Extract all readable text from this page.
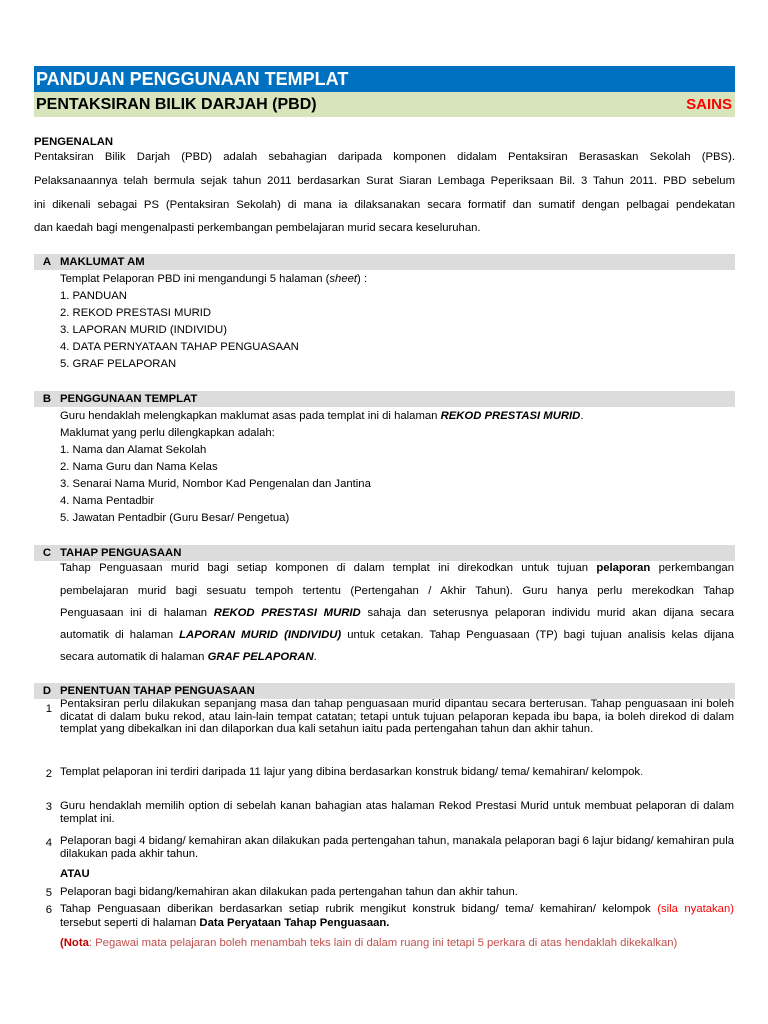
PANDUAN PENGGUNAAN TEMPLAT
PENTAKSIRAN BILIK DARJAH (PBD)	SAINS
PENGENALAN
Pentaksiran Bilik Darjah (PBD) adalah sebahagian daripada komponen didalam Pentaksiran Berasaskan Sekolah (PBS).
Pelaksanaannya telah bermula sejak tahun 2011 berdasarkan Surat Siaran Lembaga Peperiksaan Bil. 3 Tahun 2011. PBD sebelum
ini dikenali sebagai PS (Pentaksiran Sekolah) di mana ia dilaksanakan secara formatif dan sumatif dengan pelbagai pendekatan
dan kaedah bagi mengenalpasti perkembangan pembelajaran murid secara keseluruhan.
A MAKLUMAT AM
Templat Pelaporan PBD ini mengandungi 5 halaman (sheet) :
1. PANDUAN
2. REKOD PRESTASI MURID
3. LAPORAN MURID (INDIVIDU)
4. DATA PERNYATAAN TAHAP PENGUASAAN
5. GRAF PELAPORAN
B PENGGUNAAN TEMPLAT
Guru hendaklah melengkapkan maklumat asas pada templat ini di halaman REKOD PRESTASI MURID.
Maklumat yang perlu dilengkapkan adalah:
1. Nama dan Alamat Sekolah
2. Nama Guru dan Nama Kelas
3. Senarai Nama Murid, Nombor Kad Pengenalan dan Jantina
4. Nama Pentadbir
5. Jawatan Pentadbir (Guru Besar/ Pengetua)
C TAHAP PENGUASAAN
Tahap Penguasaan murid bagi setiap komponen di dalam templat ini direkodkan untuk tujuan pelaporan perkembangan
pembelajaran murid bagi sesuatu tempoh tertentu (Pertengahan / Akhir Tahun). Guru hanya perlu merekodkan Tahap
Penguasaan ini di halaman REKOD PRESTASI MURID sahaja dan seterusnya pelaporan individu murid akan dijana secara
automatik di halaman LAPORAN MURID (INDIVIDU) untuk cetakan. Tahap Penguasaan (TP) bagi tujuan analisis kelas dijana
secara automatik di halaman GRAF PELAPORAN.
D PENENTUAN TAHAP PENGUASAAN
1 Pentaksiran perlu dilakukan sepanjang masa dan tahap penguasaan murid dipantau secara berterusan. Tahap penguasaan ini boleh dicatat di dalam buku rekod, atau lain-lain tempat catatan; tetapi untuk tujuan pelaporan kepada ibu bapa, ia boleh direkod di dalam templat yang dibekalkan ini dan dilaporkan dua kali setahun iaitu pada pertengahan tahun dan akhir tahun.
2 Templat pelaporan ini terdiri daripada 11 lajur yang dibina berdasarkan konstruk bidang/ tema/ kemahiran/ kelompok.
3 Guru hendaklah memilih option di sebelah kanan bahagian atas halaman Rekod Prestasi Murid untuk membuat pelaporan di dalam templat ini.
4 Pelaporan bagi 4 bidang/ kemahiran akan dilakukan pada pertengahan tahun, manakala pelaporan bagi 6 lajur bidang/ kemahiran pula dilakukan pada akhir tahun.
ATAU
5 Pelaporan bagi bidang/kemahiran akan dilakukan pada pertengahan tahun dan akhir tahun.
6 Tahap Penguasaan diberikan berdasarkan setiap rubrik mengikut konstruk bidang/ tema/ kemahiran/ kelompok (sila nyatakan) tersebut seperti di halaman Data Peryataan Tahap Penguasaan.
(Nota: Pegawai mata pelajaran boleh menambah teks lain di dalam ruang ini tetapi 5 perkara di atas hendaklah dikekalkan)
